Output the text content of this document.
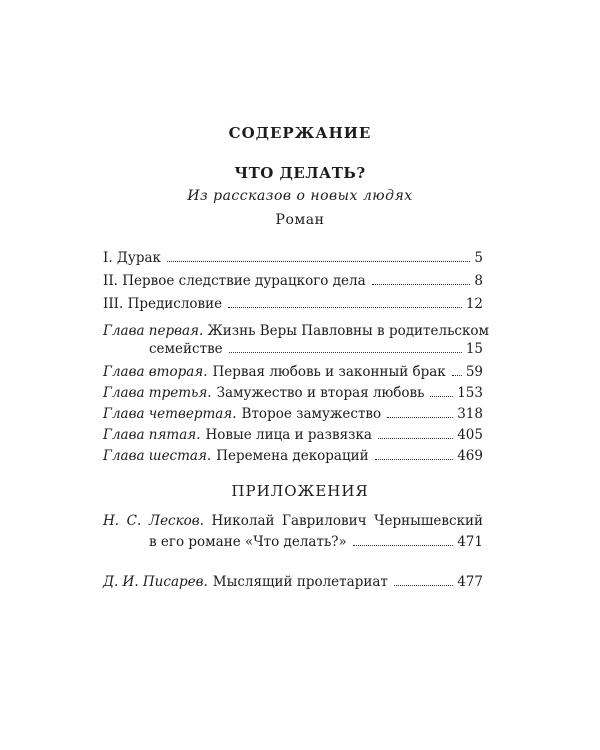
СОДЕРЖАНИЕ
ЧТО ДЕЛАТЬ?
Из рассказов о новых людях
Роман
I. Дурак	5
II. Первое следствие дурацкого дела	8
III. Предисловие	12
Глава первая. Жизнь Веры Павловны в родительском
семействе	15
Глава вторая. Первая любовь и законный брак 59
Глава третья. Замужество и вторая любовь 153
Глава четвертая. Второе замужество	318
Глава пятая. Новые лица и развязка	405
Глава шестая. Перемена декораций	469
ПРИЛОЖЕНИЯ
Н. С. Лесков. Николай Гаврилович Чернышевский
в его романе «Что делать?»	471
Д. И. Писарев. Мыслящий пролетариат	477
